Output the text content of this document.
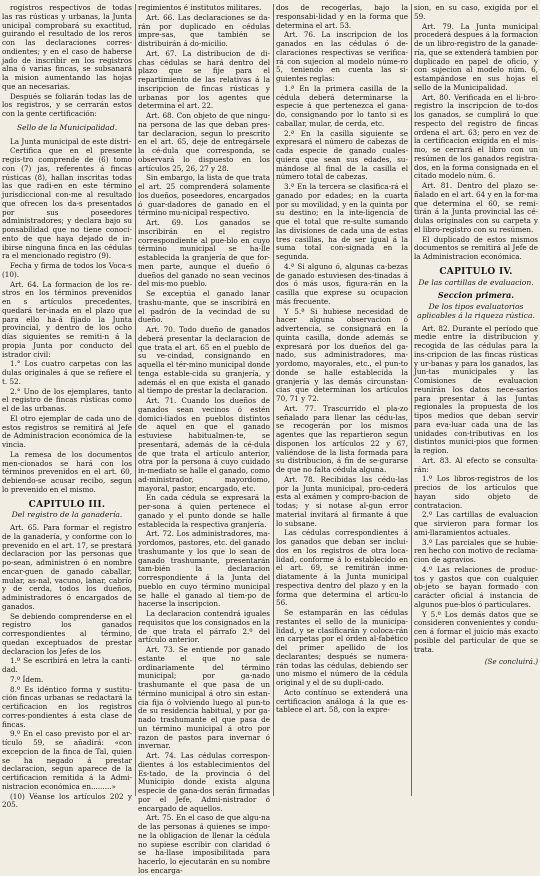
rogistros respectivos de todas las ras rústicas y urbanas, la Junta unicipal comprobará su exactitud, guirando el resultado de los reros con las declaraciones corres-ondientes; y en el caso de haberse jado de inscribir en los registros alna ó varias fincas, se subsanará la mision aumentando las hojas que an necesarias.

Después se foliarán todas las de los registros, y se cerrarán estos con la gente certificación:

Sello de la Municipalidad.

La Junta municipal de este distri-

Certifica que en el presente regis-tro comprende de (6) tomo con (7) jas, referentes á fincas rústicas (8), hallan inscritas todas las que radi-en en este término jurisdiccional con-me al resultado que ofrecen los da-s presentados por sus poseedores administradores; y declara bajo su ponsabilidad que no tiene conoci-ento de que haya dejado de in-ibirse ninguna finca en las cédulas ra el mencionado registro (9).

Fecha y firma de todos los Voca-s (10).

Art. 64. La formacion de los re-stros en los términos prevenidos en s artículos precedentes, quedará ter-inada en el plazo que para ello ha-á fijado la Junta provincial, y dentro de los ocho días siguientes se remiti-n á la propia Junta por conducto del istrador civil:

1.° Los cuatro carpetas con las dulas originales á que se refiere el t. 52.

2.° Uno de los ejemplares, tanto el registro de fincas rústicas como el de las urbanas.

El otro ejemplar de cada uno de estos registros se remitirá al Jefe de Administracion económica de la vincia.

La remesa de los documentos men-cionados se hará con los términos prevenidos en el art. 60, debiendo-se acusar recibo, segun lo prevenido en el mismo.

CAPITULO III.

Del registro de la ganadería.

Art. 65. Para formar el registro de la ganadería, y conforme con lo prevenido en el art. 17, se prestará declaracion por las personas que po-sean, administren ó en nombre encar-guen de ganado caballar, mular, as-nal, vacuno, lanar, cabrío y de cerda, todos los dueños, administradores ó encargados de ganados.

Se debiendo comprenderse en el registro los ganados correspondientes al término, quedan exceptuados de prestar declaracion los Jefes de los

1.º Se escribirá en letra la canti-dad.

7.º Ídem.

8.º Es idéntico forma y sustitu-ción fincas urbanas se redactará la certificacion en los registros corres-pondientes á esta clase de fincas.

9.º En el caso previsto por el ar-tículo 59, se añadirá: «con excepcion de la finca de Tal, quien se ha negado á prestar declaracion, segun aparece de la certificacion remitida á la Admi-nistracion económica en.........»

(10) Véanse los artículos 202 y 205.

regimientos é institutos militares.

Art. 66. Las declaraciones se da-rán por duplicado en cédulas impre-sas, que también se distribuirán á do-micilio.

Art. 67. La distribucion de di-chas cédulas se hará dentro del plazo que se fije para el repartimiento de las relativas á la inscripcion de fincas rústicas y urbanas por los agentes que determina el art. 22.

Art. 68. Con objeto de que ningu-na persona de las que deban pres-tar declaracion, segun lo prescrito en el art. 65, deje de entregársele la cé-dula que corresponda, se observará lo dispuesto en los artículos 25, 26, 27 y 28.

Sin embargo, la lista de que trata el art. 25 comprenderá solamente los dueños, poseedores, encargados ó guar-dadores de ganado en el término mu-nicipal respectivo.

Art. 69. Los ganados se inscribirán en el registro correspondiente al pue-blo en cuyo término municipal se ha-lle establecida la granjería de que for-men parte, aunque el dueño ó dueños del ganado no sean vecinos del mis-mo pueblo.

Se exceptúa el ganado lanar trashu-mante, que se inscribirá en el padrón de la vecindad de su dueño.

Art. 70. Todo dueño de ganados deberá presentar la declaracion de que trata el art. 65 en el pueblo de su ve-cindad, consignando en aquella el tér-mino municipal donde tenga estable-cida su granjería, y además el en que exista el ganado al tiempo de prestar la declaracion.

Art. 71. Cuando los dueños de ganados sean vecinos ó estén domici-liados en pueblos distintos de aquel en que el ganado estuviese habitualmen-te, se presentará, además de la cé-dula de que trata el artículo anterior, otra por la persona á cuyo cuidado in-mediato se halle el ganado, como ad-ministrador, mayordomo, mayoral, pastor, encargado, etc.

En cada cédula se expresará la per-sona á quien pertenece el ganado y el punto donde se halle establecida la respectiva granjería.

Art. 72. Los administradores, ma-yordomos, pastores, etc. del ganado trashumante y los que lo sean de ganado trashumante, presentarán tam-bién la declaracion correspondiente á la Junta del pueblo en cuyo término municipal se halle el ganado al tiem-po de hacerse la inscripcion.

La declaracion contendrá iguales requisitos que los consignados en la de que trata el párrafo 2.º del artículo anterior.

Art. 73. Se entiende por ganado estante el que no sale ordinariamente del término municipal; por ga-nado trashumante el que pasa de un término municipal á otro sin estan-cia fija ó volviendo luego al pun-to de su residencia habitual, y por ga-nado trashumante el que pasa de un término municipal á otro por razon de pastos para invernar ó invernar.

Art. 74. Las cédulas correspon-dientes á los establecimientos del Es-tado, de la provincia ó del Municipio donde exista alguna especie de gana-dos serán firmadas por el Jefe, Admi-nistrador ó encargado de aquellos.

Art. 75. En el caso de que algu-na de las personas á quienes se impo-ne la obligacion de llenar la cédula no supiese escribir con claridad ó se ha-llase imposibilitada para hacerlo, lo ejecutarán en su nombre los encarga-

dos de recogerlas, bajo la responsabi-lidad y en la forma que determina el art. 53.

Art. 76. La inscripcion de los ganados en las cédulas ó de-claraciones respectivas se verifica-rá con sujecion al modelo núme-ro 5, teniendo en cuenta las si-guientes reglas:

1.ª En la primera casilla de la cédula deberá determinarse la especie á que pertenezca el gana-do, consignando por lo tanto si es caballar, mular, de cerda, etc.

2.ª En la casilla siguiente se expresará el número de cabezas de cada especie de ganado cuales-quiera que sean sus edades, su-mándose al final de la casilla el número total de cabezas.

3.ª En la tercera se clasifica-rá el ganado por edades; en la cuarta por su movilidad, y en la quinta por su destino; en la inte-ligencia de que el total que re-sulte sumando las divisiones de cada una de estas tres casillas, ha de ser igual á la suma total con-signada en la segunda.

4.ª Si alguno ó, algunas ca-bezas de ganado estuviesen des-tinadas á dos ó más usos, figura-rán en la casilla que exprese su ocupacion más frecuente.

Y 5.ª Si hubiese necesidad de hacer alguna observacion ó advertencia, se consignará en la quinta casilla, donde además se expresará por los dueños del ga-nado, sus administradores, ma-yordomo, mayorales, etc., el pun-to donde se halle establecida la granjería y las demás circunstan-cias que determinan los artículos 70, 71 y 72.

Art. 77. Trascurrido el pla-zo señalado para llenar las cédu-las, se recogerán por los mismos agentes que las repartieron segun disponen los artículos 22 y 67, valiéndose de la lista formada para su distribucion, á fin de se-gurarse de que no falta cédula alguna.

Art. 78. Recibidas las cédu-las por la Junta municipal, pro-cederá esta al exámen y compro-bacion de todas; y si notase al-gun error material invitará al firmante á que lo subsane.

Las cédulas correspondientes á los ganados que deban ser inclui-dos en los registros de otra loca-lidad, conforme á lo establecido en el art. 69, se remitirán inme-diatamente á la Junta municipal respectiva dentro del plazo y en la forma que determina el artícu-lo 56.

Se estamparán en las cédulas restantes el sello de la municipa-lidad, y se clasificarán y coloca-rán en carpetas por el órden al-fabético del primer apellido de los declarantes; después se numera-rán todas las cédulas, debiendo ser uno mismo el número de la cédula original y el de su dupli-cado.

Acto contínuo se extenderá una certificacion análoga á la que es-tablece el art. 58, con la expre-

sion, en su caso, exigida por el 59.

Art. 79. La Junta municipal procederá despues á la formacion de un libro-registro de la ganade-ría, que se extenderá tambien por duplicado en papel de oficio, y con sujecion al modelo núm. 6, estampándose en sus hojas el sello de la Municipalidad.

Art. 80. Verificada en el li-bro-registro la inscripcion de to-dos los ganados, se cumplirá lo que respecto del registro de fincas ordena el art. 63; pero en vez de la certificacion exigida en el mis-mo, se cerrará el libro con un resúmen de los ganados registra-dos, en la forma consignada en el citado modelo núm. 6.

Art. 81. Dentro del plazo se-ñalado en el art. 64 y en la for-ma que determina el 60, se remi-tirán á la Junta provincial las cé-dulas originales con su carpeta y el libro-registro con su resúmen.

El duplicado de estos mismos documentos se remitirá al Jefe de la Administracion económica.

CAPITULO IV.

De las cartillas de evaluacion.

Seccion primera.

De los tipos evaluatorios aplicables á la riqueza rústica.

Art. 82. Durante el período que medie entre la distribucion y recogida de las cédulas para la ins-cripcion de las fincas rústicas y ur-banas y para los ganados, las Jun-tas municipales y las Comisiones de evaluacion reunirán los datos nece-sarios para presentar á las Juntas regionales la propuesta de los tipos medios que deban servir para eva-luar cada una de las unidades con-tributivas en los distintos munici-pios que formen la region.

Art. 83. Al efecto se consulta-rán:

1.º Los libros-registros de los precios de los artículos que hayan sido objeto de contratacion.

2.º Las cartillas de evaluacion que sirvieron para formar los ami-llaramientos actuales.

3.º Las parciales que se hubie-ren hecho con motivo de reclama-cion de agravios.

4.º Las relaciones de produc-tos y gastos que con cualquier ob-jeto se hayan formado con carácter oficial á instancia de algunos pue-blos ó particulares.

Y 5.º Los demás datos que se consideren convenientes y condu-cen á formar el juicio más exacto posible del particular de que se trata.

(Se concluirá.)
